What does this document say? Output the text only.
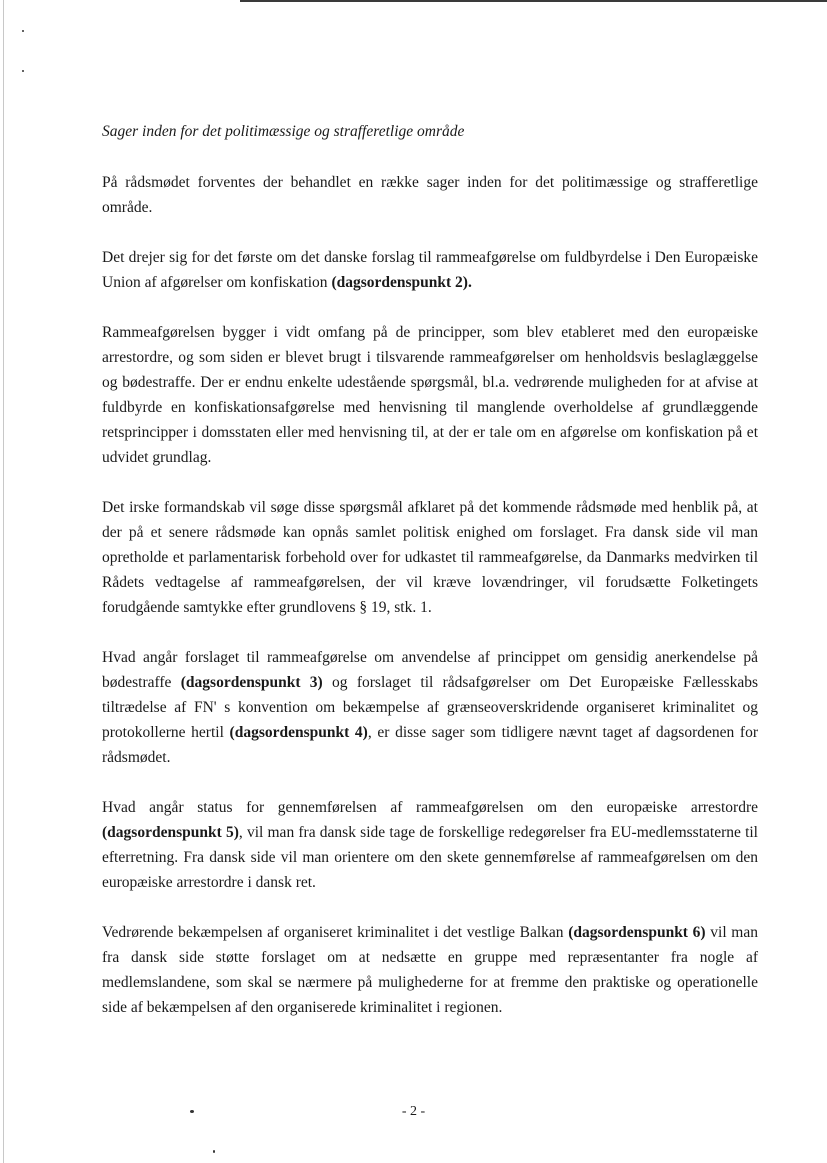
Sager inden for det politimæssige og strafferetlige område

På rådsmødet forventes der behandlet en række sager inden for det politimæssige og strafferetlige område.

Det drejer sig for det første om det danske forslag til rammeafgørelse om fuldbyrdelse i Den Europæiske Union af afgørelser om konfiskation (dagsordenspunkt 2).

Rammeafgørelsen bygger i vidt omfang på de principper, som blev etableret med den europæiske arrestordre, og som siden er blevet brugt i tilsvarende rammeafgørelser om henholdsvis beslaglæggelse og bødestraffe. Der er endnu enkelte udestående spørgsmål, bl.a. vedrørende muligheden for at afvise at fuldbyrde en konfiskationsafgørelse med henvisning til manglende overholdelse af grundlæggende retsprincipper i domsstaten eller med henvisning til, at der er tale om en afgørelse om konfiskation på et udvidet grundlag.

Det irske formandskab vil søge disse spørgsmål afklaret på det kommende rådsmøde med henblik på, at der på et senere rådsmøde kan opnås samlet politisk enighed om forslaget. Fra dansk side vil man opretholde et parlamentarisk forbehold over for udkastet til rammeafgørelse, da Danmarks medvirken til Rådets vedtagelse af rammeafgørelsen, der vil kræve lovændringer, vil forudsætte Folketingets forudgående samtykke efter grundlovens § 19, stk. 1.

Hvad angår forslaget til rammeafgørelse om anvendelse af princippet om gensidig anerkendelse på bødestraffe (dagsordenspunkt 3) og forslaget til rådsafgørelser om Det Europæiske Fællesskabs tiltrædelse af FN' s konvention om bekæmpelse af grænseoverskridende organiseret kriminalitet og protokollerne hertil (dagsordenspunkt 4), er disse sager som tidligere nævnt taget af dagsordenen for rådsmødet.

Hvad angår status for gennemførelsen af rammeafgørelsen om den europæiske arrestordre (dagsordenspunkt 5), vil man fra dansk side tage de forskellige redegørelser fra EU-medlemsstaterne til efterretning. Fra dansk side vil man orientere om den skete gennemførelse af rammeafgørelsen om den europæiske arrestordre i dansk ret.

Vedrørende bekæmpelsen af organiseret kriminalitet i det vestlige Balkan (dagsordenspunkt 6) vil man fra dansk side støtte forslaget om at nedsætte en gruppe med repræsentanter fra nogle af medlemslandene, som skal se nærmere på mulighederne for at fremme den praktiske og operationelle side af bekæmpelsen af den organiserede kriminalitet i regionen.

- 2 -
